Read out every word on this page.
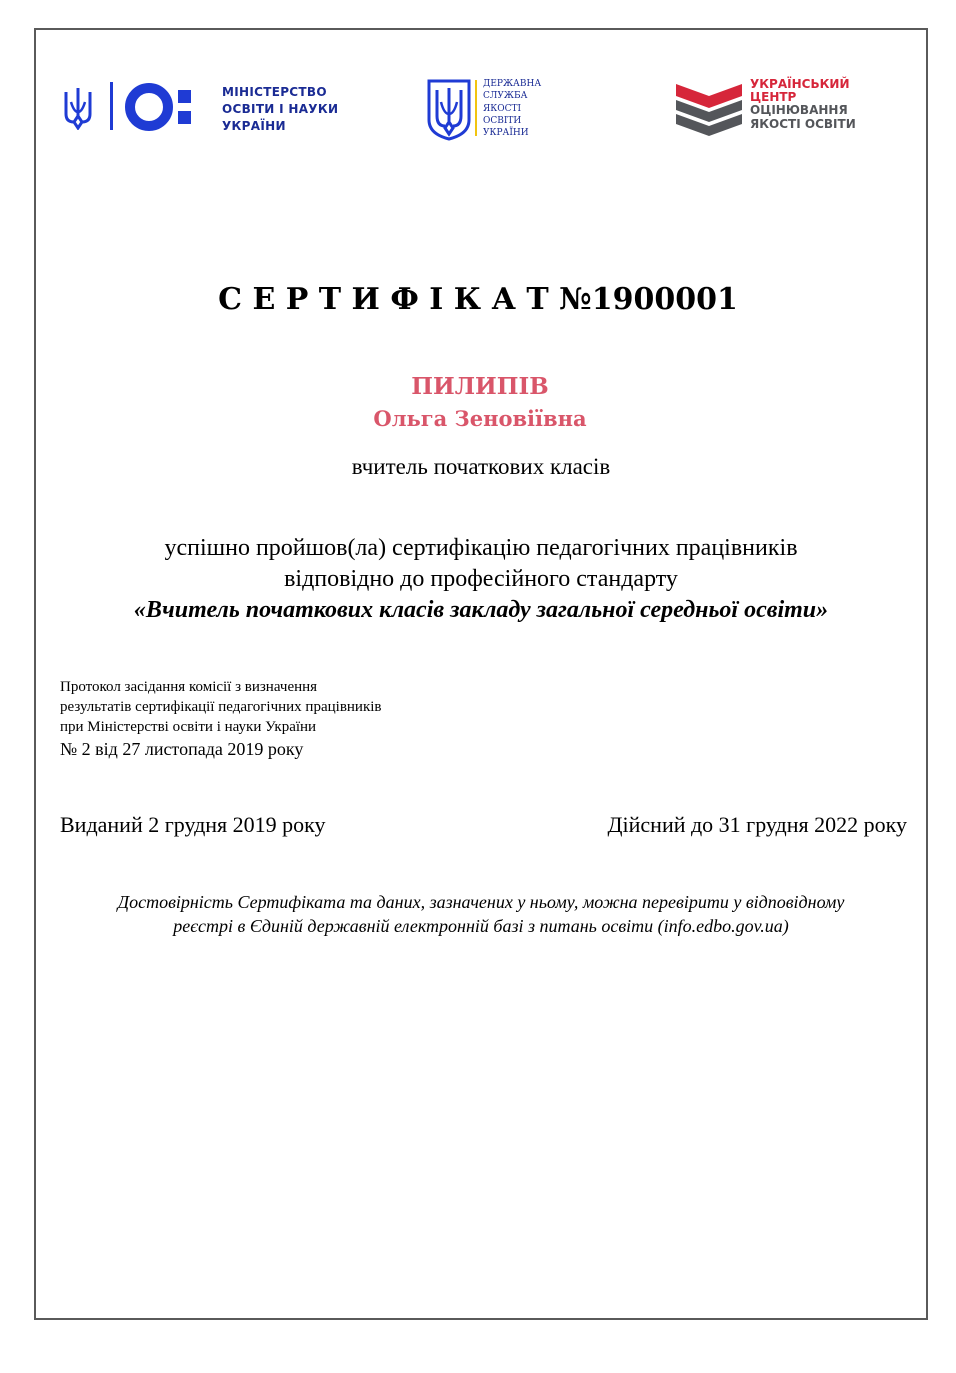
МІНІСТЕРСТВО
ОСВІТИ І НАУКИ
УКРАЇНИ
ДЕРЖАВНА
СЛУЖБА
ЯКОСТІ
ОСВІТИ
УКРАЇНИ
УКРАЇНСЬКИЙ
ЦЕНТР
ОЦІНЮВАННЯ
ЯКОСТІ ОСВІТИ
С Е Р Т И Ф І К А Т №1900001
ПИЛИПІВ
Ольга Зеновіївна
вчитель початкових класів
успішно пройшов(ла) сертифікацію педагогічних працівників
відповідно до професійного стандарту
«Вчитель початкових класів закладу загальної середньої освіти»
Протокол засідання комісії з визначення
результатів сертифікації педагогічних працівників
при Міністерстві освіти і науки України
№ 2 від 27 листопада 2019 року
Виданий 2 грудня 2019 року	Дійсний до 31 грудня 2022 року
Достовірність Сертифіката та даних, зазначених у ньому, можна перевірити у відповідному
реєстрі в Єдиній державній електронній базі з питань освіти (info.edbo.gov.ua)
